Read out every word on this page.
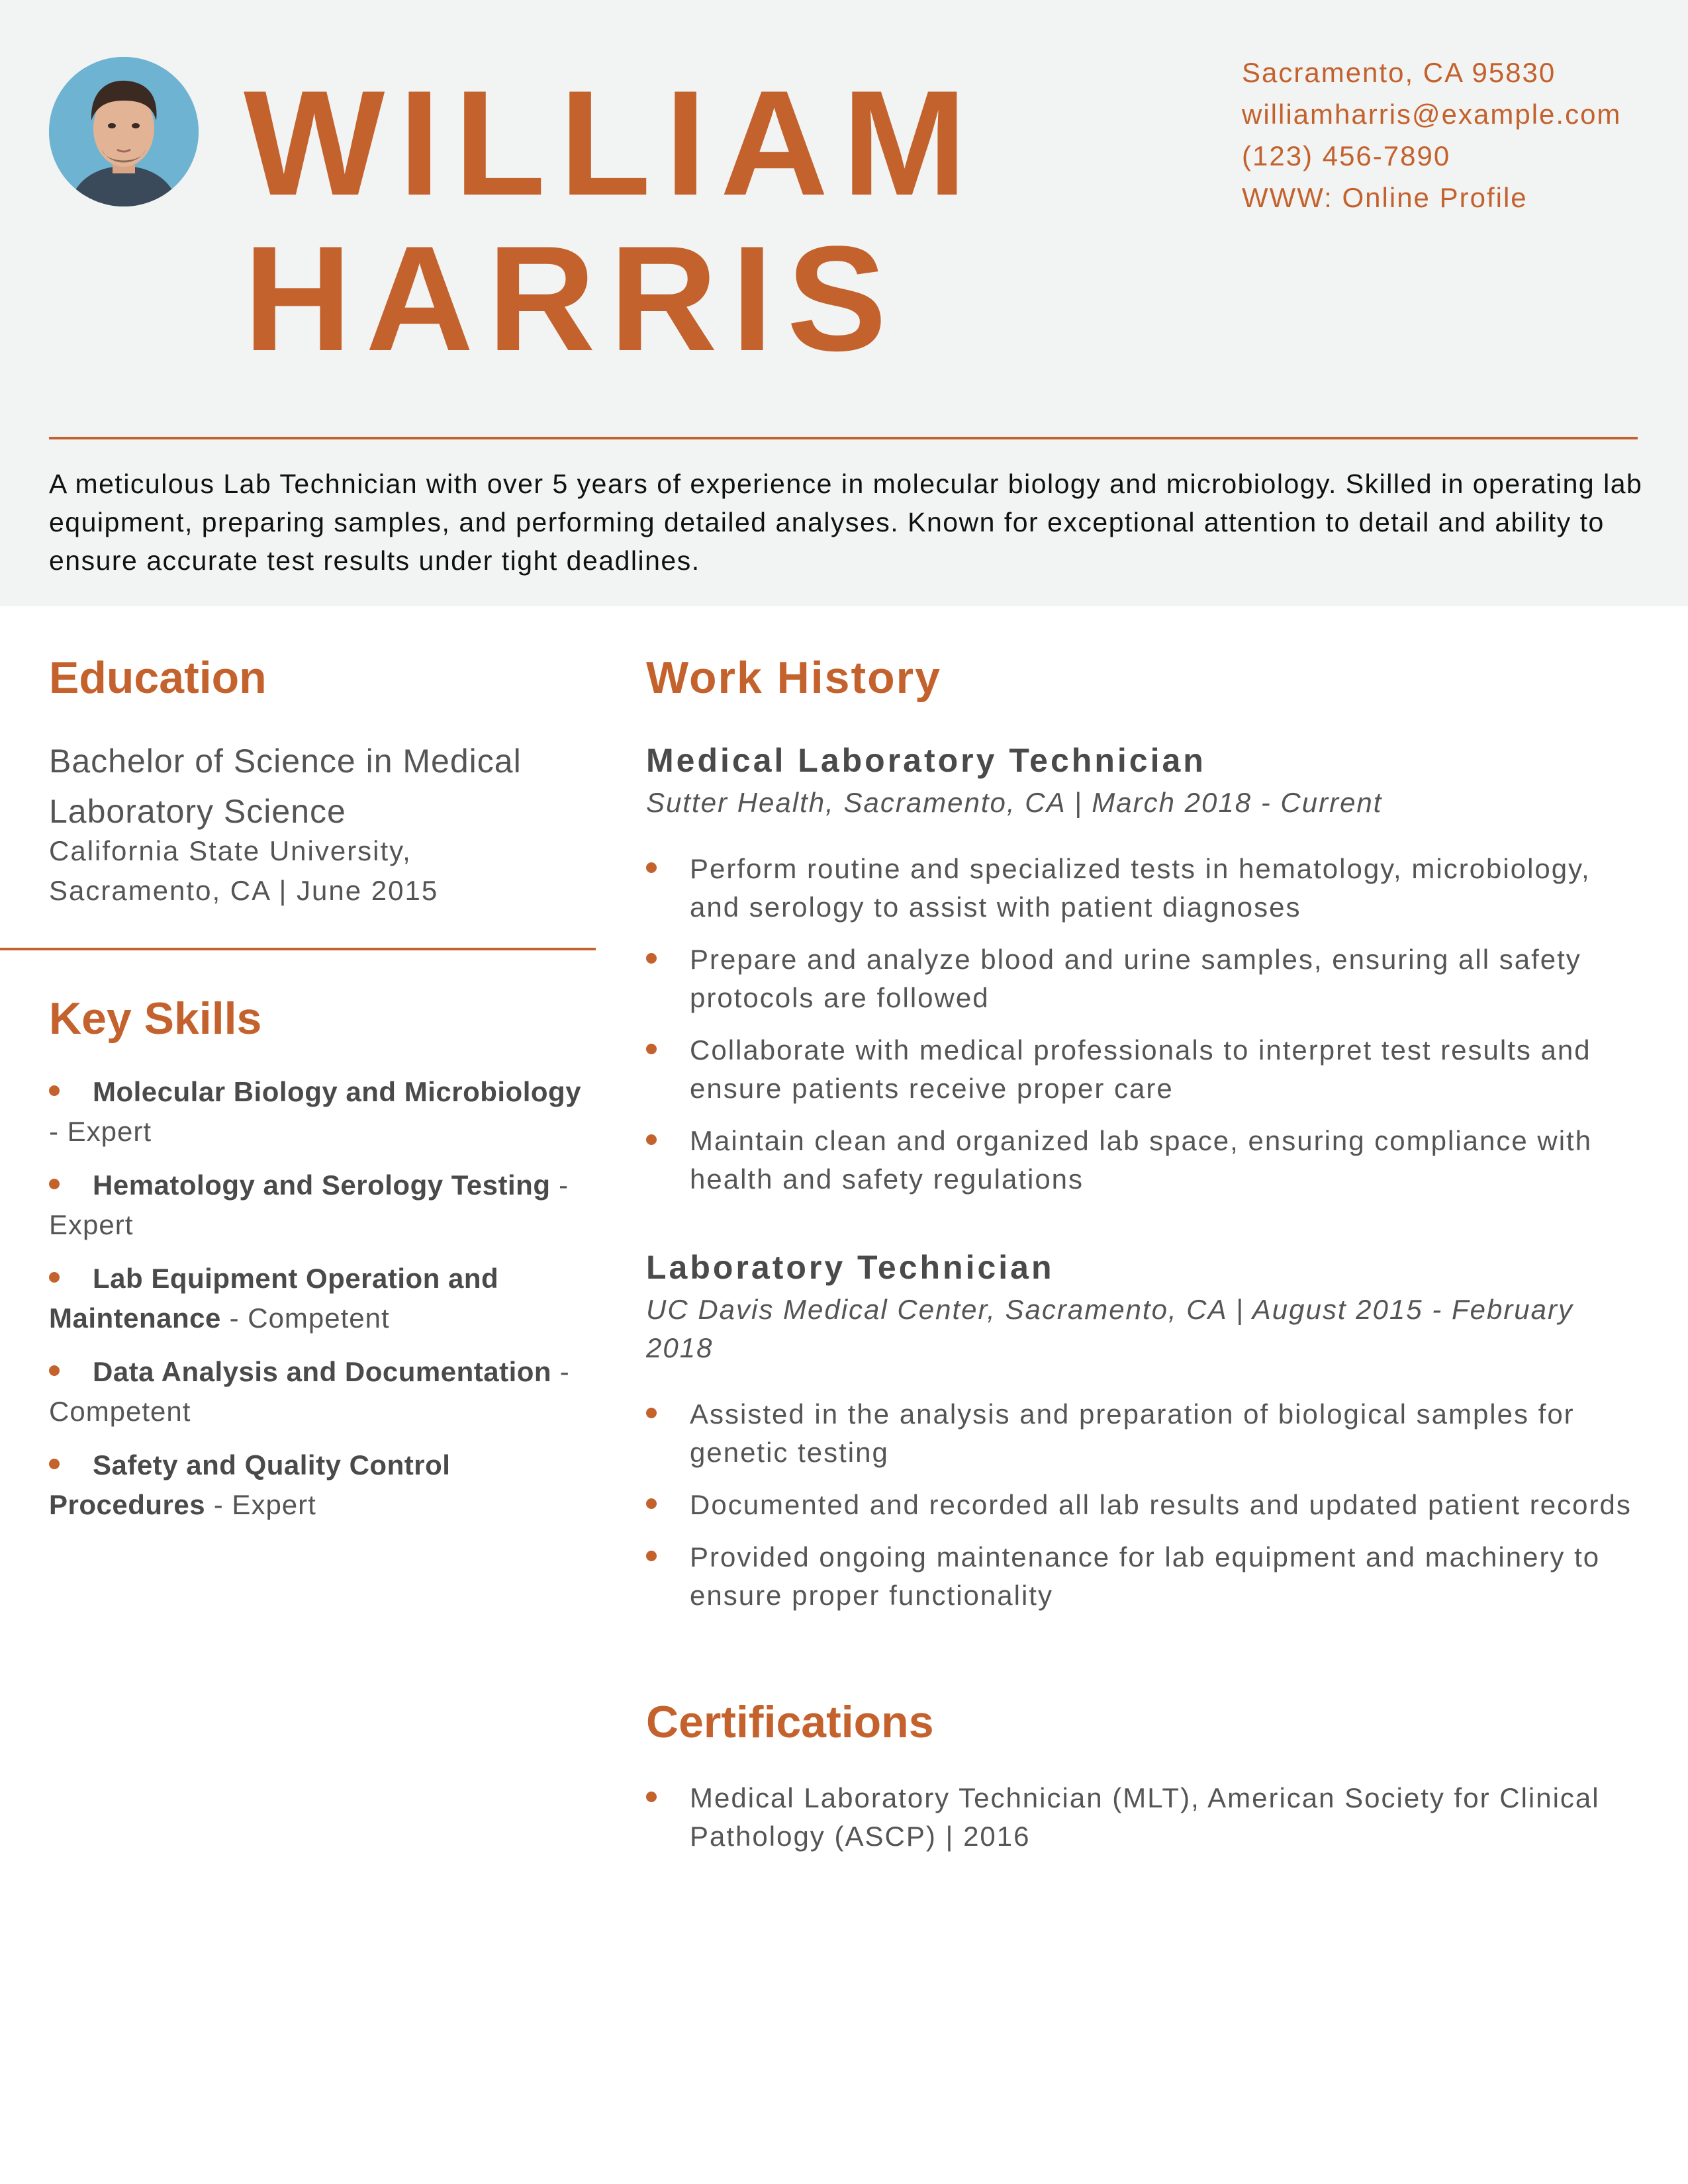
WILLIAM
HARRIS
Sacramento, CA 95830
williamharris@example.com
(123) 456-7890
WWW: Online Profile
A meticulous Lab Technician with over 5 years of experience in molecular biology and microbiology. Skilled in operating lab equipment, preparing samples, and performing detailed analyses. Known for exceptional attention to detail and ability to ensure accurate test results under tight deadlines.
Education
Bachelor of Science in Medical Laboratory Science
California State University,
Sacramento, CA | June 2015
Key Skills
Molecular Biology and Microbiology - Expert
Hematology and Serology Testing - Expert
Lab Equipment Operation and Maintenance - Competent
Data Analysis and Documentation - Competent
Safety and Quality Control Procedures - Expert
Work History
Medical Laboratory Technician
Sutter Health, Sacramento, CA | March 2018 - Current
Perform routine and specialized tests in hematology, microbiology, and serology to assist with patient diagnoses
Prepare and analyze blood and urine samples, ensuring all safety protocols are followed
Collaborate with medical professionals to interpret test results and ensure patients receive proper care
Maintain clean and organized lab space, ensuring compliance with health and safety regulations
Laboratory Technician
UC Davis Medical Center, Sacramento, CA | August 2015 - February 2018
Assisted in the analysis and preparation of biological samples for genetic testing
Documented and recorded all lab results and updated patient records
Provided ongoing maintenance for lab equipment and machinery to ensure proper functionality
Certifications
Medical Laboratory Technician (MLT), American Society for Clinical Pathology (ASCP) | 2016
